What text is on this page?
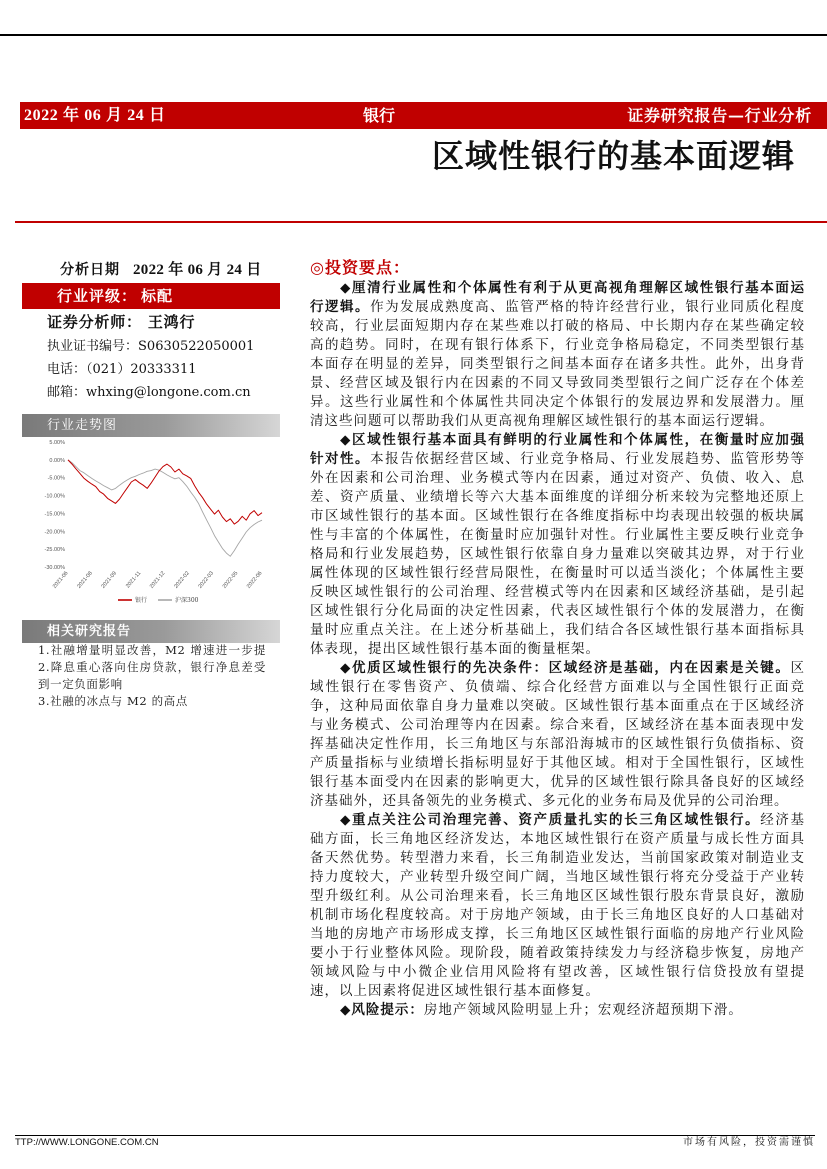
2022 年 06 月 24 日	银行	证券研究报告—行业分析
区域性银行的基本面逻辑
分析日期 2022 年 06 月 24 日
行业评级： 标配
证券分析师： 王鸿行
执业证书编号：S0630522050001
电话：（021）20333311
邮箱：whxing@longone.com.cn
行业走势图
5.00%
0.00%
-5.00%
-10.00%
-15.00%
-20.00%
-25.00%
-30.00%
2021-06 2021-08 2021-09 2021-11 2021-12 2022-02 2022-03 2022-05 2022-06
银行	沪深300
相关研究报告
1.社融增量明显改善，M2 增速进一步提
2.降息重心落向住房贷款，银行净息差受
到一定负面影响
3.社融的冰点与 M2 的高点
◎投资要点：
◆厘清行业属性和个体属性有利于从更高视角理解区域性银行基本面运
行逻辑。作为发展成熟度高、监管严格的特许经营行业，银行业同质化程度
较高，行业层面短期内存在某些难以打破的格局、中长期内存在某些确定较
高的趋势。同时，在现有银行体系下，行业竞争格局稳定，不同类型银行基
本面存在明显的差异，同类型银行之间基本面存在诸多共性。此外，出身背
景、经营区域及银行内在因素的不同又导致同类型银行之间广泛存在个体差
异。这些行业属性和个体属性共同决定个体银行的发展边界和发展潜力。厘
清这些问题可以帮助我们从更高视角理解区域性银行的基本面运行逻辑。
◆区域性银行基本面具有鲜明的行业属性和个体属性，在衡量时应加强
针对性。本报告依据经营区域、行业竞争格局、行业发展趋势、监管形势等
外在因素和公司治理、业务模式等内在因素，通过对资产、负债、收入、息
差、资产质量、业绩增长等六大基本面维度的详细分析来较为完整地还原上
市区域性银行的基本面。区域性银行在各维度指标中均表现出较强的板块属
性与丰富的个体属性，在衡量时应加强针对性。行业属性主要反映行业竞争
格局和行业发展趋势，区域性银行依靠自身力量难以突破其边界，对于行业
属性体现的区域性银行经营局限性，在衡量时可以适当淡化；个体属性主要
反映区域性银行的公司治理、经营模式等内在因素和区域经济基础，是引起
区域性银行分化局面的决定性因素，代表区域性银行个体的发展潜力，在衡
量时应重点关注。在上述分析基础上，我们结合各区域性银行基本面指标具
体表现，提出区域性银行基本面的衡量框架。
◆优质区域性银行的先决条件：区域经济是基础，内在因素是关键。区
域性银行在零售资产、负债端、综合化经营方面难以与全国性银行正面竞
争，这种局面依靠自身力量难以突破。区域性银行基本面重点在于区域经济
与业务模式、公司治理等内在因素。综合来看，区域经济在基本面表现中发
挥基础决定性作用，长三角地区与东部沿海城市的区域性银行负债指标、资
产质量指标与业绩增长指标明显好于其他区域。相对于全国性银行，区域性
银行基本面受内在因素的影响更大，优异的区域性银行除具备良好的区域经
济基础外，还具备领先的业务模式、多元化的业务布局及优异的公司治理。
◆重点关注公司治理完善、资产质量扎实的长三角区域性银行。经济基
础方面，长三角地区经济发达，本地区域性银行在资产质量与成长性方面具
备天然优势。转型潜力来看，长三角制造业发达，当前国家政策对制造业支
持力度较大，产业转型升级空间广阔，当地区域性银行将充分受益于产业转
型升级红利。从公司治理来看，长三角地区区域性银行股东背景良好，激励
机制市场化程度较高。对于房地产领域，由于长三角地区良好的人口基础对
当地的房地产市场形成支撑，长三角地区区域性银行面临的房地产行业风险
要小于行业整体风险。现阶段，随着政策持续发力与经济稳步恢复，房地产
领域风险与中小微企业信用风险将有望改善，区域性银行信贷投放有望提
速，以上因素将促进区域性银行基本面修复。
◆风险提示：房地产领域风险明显上升；宏观经济超预期下滑。
TTP://WWW.LONGONE.COM.CN	市场有风险，投资需谨慎
